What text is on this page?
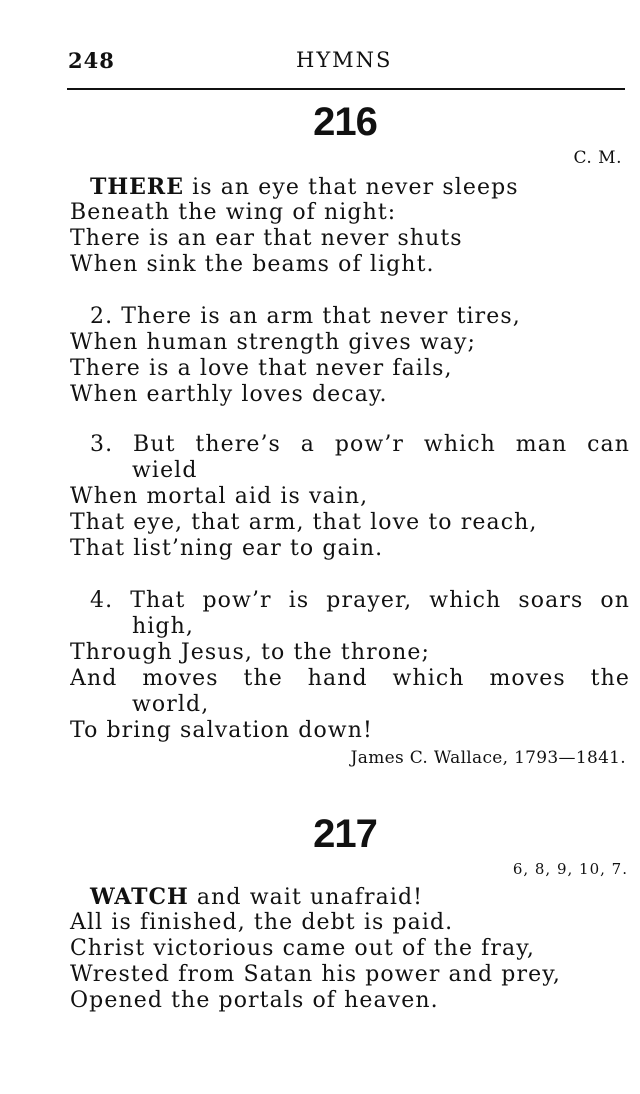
248	HYMNS
216
C. M.
THERE is an eye that never sleeps
Beneath the wing of night:
There is an ear that never shuts
When sink the beams of light.
2. There is an arm that never tires,
When human strength gives way;
There is a love that never fails,
When earthly loves decay.
3. But there’s a pow’r which man can
wield
When mortal aid is vain,
That eye, that arm, that love to reach,
That list’ning ear to gain.
4. That pow’r is prayer, which soars on
high,
Through Jesus, to the throne;
And moves the hand which moves the
world,
To bring salvation down!
James C. Wallace, 1793—1841.
217
6, 8, 9, 10, 7.
WATCH and wait unafraid!
All is finished, the debt is paid.
Christ victorious came out of the fray,
Wrested from Satan his power and prey,
Opened the portals of heaven.
